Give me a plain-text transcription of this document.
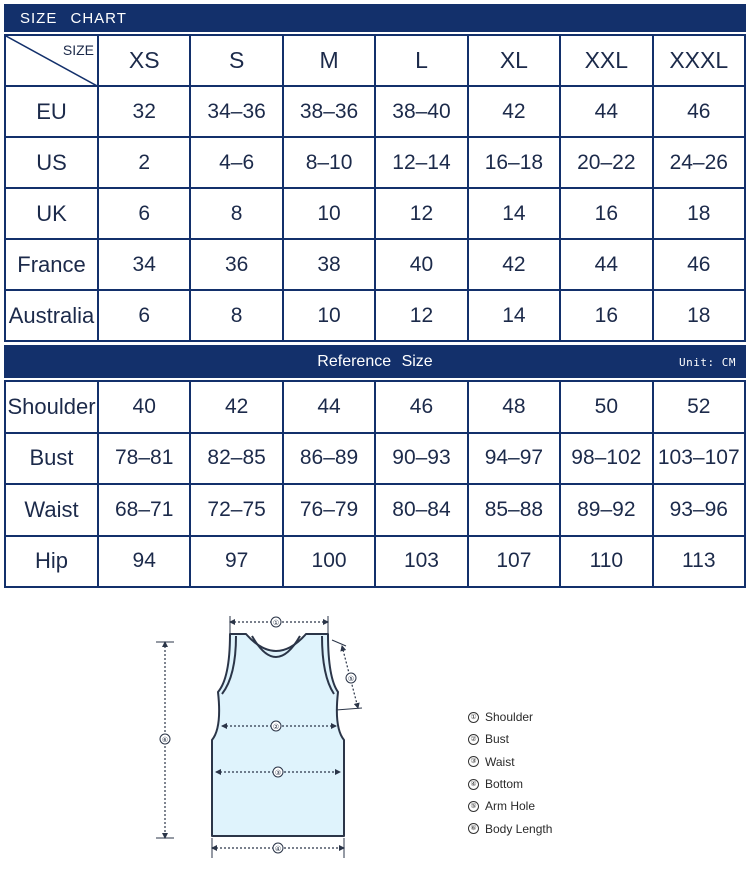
SIZE CHART
SIZE	XS	S	M	L	XL	XXL	XXXL
EU	32	34–36	38–36	38–40	42	44	46
US	2	4–6	8–10	12–14	16–18	20–22	24–26
UK	6	8	10	12	14	16	18
France	34	36	38	40	42	44	46
Australia	6	8	10	12	14	16	18
Reference Size	Unit: CM
Shoulder	40	42	44	46	48	50	52
Bust	78–81	82–85	86–89	90–93	94–97	98–102	103–107
Waist	68–71	72–75	76–79	80–84	85–88	89–92	93–96
Hip	94	97	100	103	107	110	113
①
②
③
④
⑤
⑥
① Shoulder
② Bust
③ Waist
④ Bottom
⑤ Arm Hole
⑥ Body Length
